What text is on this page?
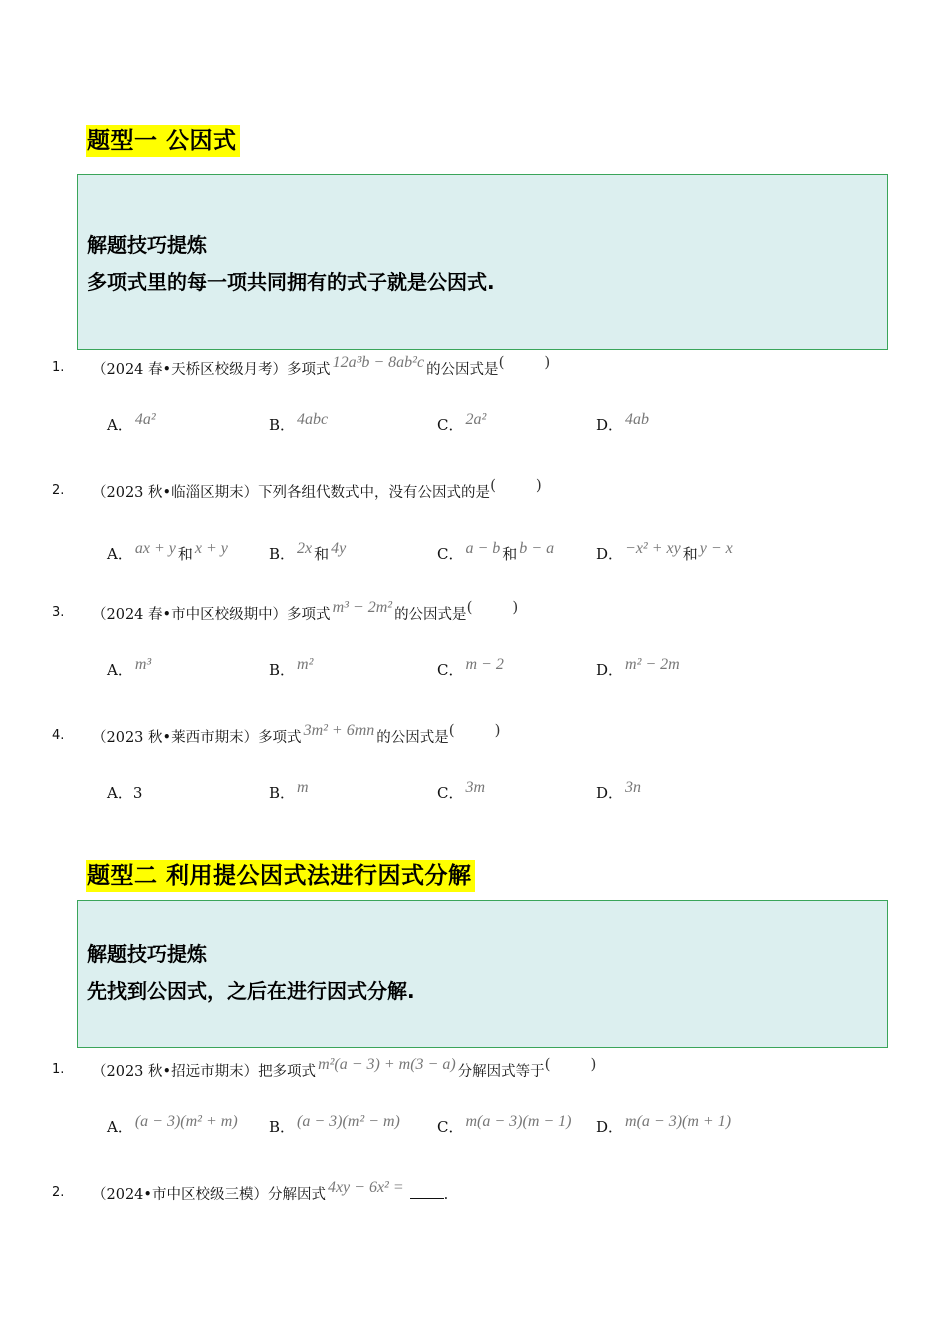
题型一 公因式
解题技巧提炼
多项式里的每一项共同拥有的式子就是公因式.
1. （2024 春•天桥区校级月考）多项式 12a³b − 8ab²c 的公因式是(	)
A． 4a²	B． 4abc	C． 2a²	D． 4ab
2. （2023 秋•临淄区期末）下列各组代数式中，没有公因式的是(	)
A． ax + y 和 x + y	B． 2x 和 4y	C． a − b 和 b − a	D． −x² + xy 和 y − x
3. （2024 春•市中区校级期中）多项式 m³ − 2m² 的公因式是(	)
A． m³	B． m²	C． m − 2	D． m² − 2m
4. （2023 秋•莱西市期末）多项式 3m² + 6mn 的公因式是(	)
A．3	B． m	C． 3m	D． 3n
题型二 利用提公因式法进行因式分解
解题技巧提炼
先找到公因式，之后在进行因式分解.
1. （2023 秋•招远市期末）把多项式 m²(a − 3) + m(3 − a) 分解因式等于(	)
A． (a − 3)(m² + m) B． (a − 3)(m² − m) C． m(a − 3)(m − 1) D． m(a − 3)(m + 1)
2. （2024•市中区校级三模）分解因式 4xy − 6x² =	.
